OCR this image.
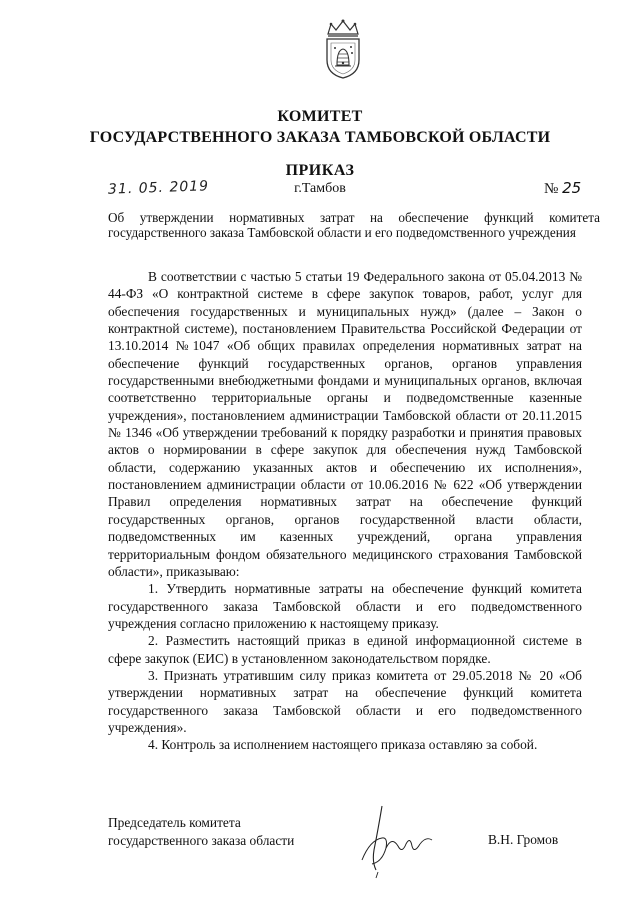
КОМИТЕТ
ГОСУДАРСТВЕННОГО ЗАКАЗА ТАМБОВСКОЙ ОБЛАСТИ
ПРИКАЗ
31. 05. 2019	г.Тамбов	№ 25
Об утверждении нормативных затрат на обеспечение функций комитета государственного заказа Тамбовской области и его подведомственного учреждения

В соответствии с частью 5 статьи 19 Федерального закона от 05.04.2013 № 44-ФЗ «О контрактной системе в сфере закупок товаров, работ, услуг для обеспечения государственных и муниципальных нужд» (далее – Закон о контрактной системе), постановлением Правительства Российской Федерации от 13.10.2014 №1047 «Об общих правилах определения нормативных затрат на обеспечение функций государственных органов, органов управления государственными внебюджетными фондами и муниципальных органов, включая соответственно территориальные органы и подведомственные казенные учреждения», постановлением администрации Тамбовской области от 20.11.2015 № 1346 «Об утверждении требований к порядку разработки и принятия правовых актов о нормировании в сфере закупок для обеспечения нужд Тамбовской области, содержанию указанных актов и обеспечению их исполнения», постановлением администрации области от 10.06.2016 № 622 «Об утверждении Правил определения нормативных затрат на обеспечение функций государственных органов, органов государственной власти области, подведомственных им казенных учреждений, органа управления территориальным фондом обязательного медицинского страхования Тамбовской области», приказываю:

1. Утвердить нормативные затраты на обеспечение функций комитета государственного заказа Тамбовской области и его подведомственного учреждения согласно приложению к настоящему приказу.

2. Разместить настоящий приказ в единой информационной системе в сфере закупок (ЕИС) в установленном законодательством порядке.

3. Признать утратившим силу приказ комитета от 29.05.2018 № 20 «Об утверждении нормативных затрат на обеспечение функций комитета государственного заказа Тамбовской области и его подведомственного учреждения».

4. Контроль за исполнением настоящего приказа оставляю за собой.

Председатель комитета
государственного заказа области	В.Н. Громов
